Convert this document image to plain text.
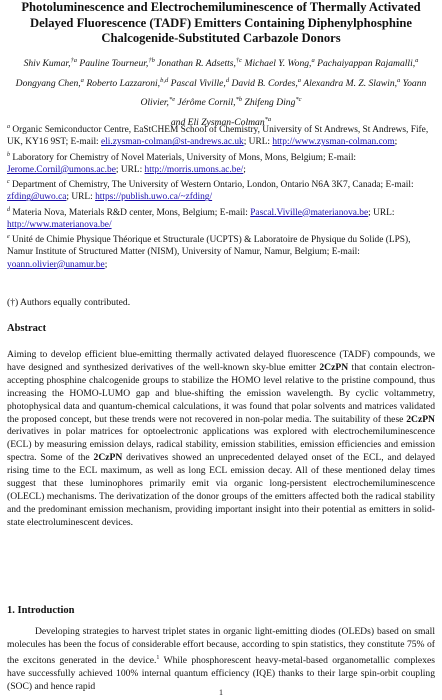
Photoluminescence and Electrochemiluminescence of Thermally Activated Delayed Fluorescence (TADF) Emitters Containing Diphenylphosphine Chalcogenide-Substituted Carbazole Donors
Shiv Kumar,$^{\dagger a}$ Pauline Tourneur,$^{\dagger b}$ Jonathan R. Adsetts,$^{\dagger c}$ Michael Y. Wong,$^a$ Pachaiyappan Rajamalli,$^a$ Dongyang Chen,$^a$ Roberto Lazzaroni,$^{b,d}$ Pascal Viville,$^d$ David B. Cordes,$^a$ Alexandra M. Z. Slawin,$^a$ Yoann Olivier,$^{*e}$ Jérôme Cornil,$^{*b}$ Zhifeng Ding$^{*c}$
and Eli Zysman-Colman$^{*a}$

$^a$ Organic Semiconductor Centre, EaStCHEM School of Chemistry, University of St Andrews, St Andrews, Fife, UK, KY16 9ST; E-mail: eli.zysman-colman@st-andrews.ac.uk; URL: http://www.zysman-colman.com;

$^b$ Laboratory for Chemistry of Novel Materials, University of Mons, Mons, Belgium; E-mail: Jerome.Cornil@umons.ac.be; URL: http://morris.umons.ac.be/;

$^c$ Department of Chemistry, The University of Western Ontario, London, Ontario N6A 3K7, Canada; E-mail: zfding@uwo.ca; URL: https://publish.uwo.ca/~zfding/

$^d$ Materia Nova, Materials R&D center, Mons, Belgium; E-mail: Pascal.Viville@materianova.be; URL: http://www.materianova.be/

$^e$ Unité de Chimie Physique Théorique et Structurale (UCPTS) & Laboratoire de Physique du Solide (LPS), Namur Institute of Structured Matter (NISM), University of Namur, Namur, Belgium; E-mail: yoann.olivier@unamur.be;

(†) Authors equally contributed.
Abstract

Aiming to develop efficient blue-emitting thermally activated delayed fluorescence (TADF) compounds, we have designed and synthesized derivatives of the well-known sky-blue emitter 2CzPN that contain electron-accepting phosphine chalcogenide groups to stabilize the HOMO level relative to the pristine compound, thus increasing the HOMO-LUMO gap and blue-shifting the emission wavelength. By cyclic voltammetry, photophysical data and quantum-chemical calculations, it was found that polar solvents and matrices validated the proposed concept, but these trends were not recovered in non-polar media. The suitability of these 2CzPN derivatives in polar matrices for optoelectronic applications was explored with electrochemiluminescence (ECL) by measuring emission delays, radical stability, emission stabilities, emission efficiencies and emission spectra. Some of the 2CzPN derivatives showed an unprecedented delayed onset of the ECL, and delayed rising time to the ECL maximum, as well as long ECL emission decay. All of these mentioned delay times suggest that these luminophores primarily emit via organic long-persistent electrochemiluminescence (OLECL) mechanisms. The derivatization of the donor groups of the emitters affected both the radical stability and the predominant emission mechanism, providing important insight into their potential as emitters in solid-state electroluminescent devices.

1. Introduction

Developing strategies to harvest triplet states in organic light-emitting diodes (OLEDs) based on small molecules has been the focus of considerable effort because, according to spin statistics, they constitute 75% of the excitons generated in the device.$^1$ While phosphorescent heavy-metal-based organometallic complexes have successfully achieved 100% internal quantum efficiency (IQE) thanks to their large spin-orbit coupling (SOC) and hence rapid

1
